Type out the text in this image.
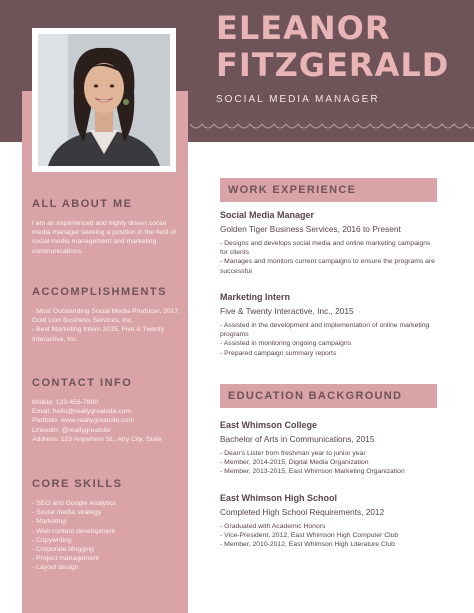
ELEANOR
FITZGERALD

SOCIAL MEDIA MANAGER

ALL ABOUT ME
I am an experienced and highly driven social media manager seeking a position in the field of social media management and marketing communications.
ACCOMPLISHMENTS
- Most Outstanding Social Media Producer, 2017, Gold Lion Business Services, Inc.
- Best Marketing Intern 2015, Five & Twenty Interactive, Inc.
CONTACT INFO
Mobile: 123-456-7890
Email: hello@reallygreatsite.com
Portfolio: www.reallygreatsite.com
LinkedIn: @reallygreatsite
Address: 123 Anywhere St., Any City, State
CORE SKILLS
- SEO and Google Analytics
- Social media strategy
- Marketing
- Web content development
- Copywriting
- Corporate blogging
- Project management
- Layout design
WORK EXPERIENCE
Social Media Manager
Golden Tiger Business Services, 2016 to Present
- Designs and develops social media and online marketing campaigns for clients
- Manages and monitors current campaigns to ensure the programs are successful
Marketing Intern
Five & Twenty Interactive, Inc., 2015
- Assisted in the development and implementation of online marketing programs
- Assisted in monitoring ongoing campaigns
- Prepared campaign summary reports
EDUCATION BACKGROUND
East Whimson College
Bachelor of Arts in Communications, 2015
- Dean's Lister from freshman year to junior year
- Member, 2014-2015, Digital Media Organization
- Member, 2013-2015, East Whimson Marketing Organization
East Whimson High School
Completed High School Requirements, 2012
- Graduated with Academic Honors
- Vice-President, 2012, East Whimson High Computer Club
- Member, 2010-2012, East Whimson High Literature Club
